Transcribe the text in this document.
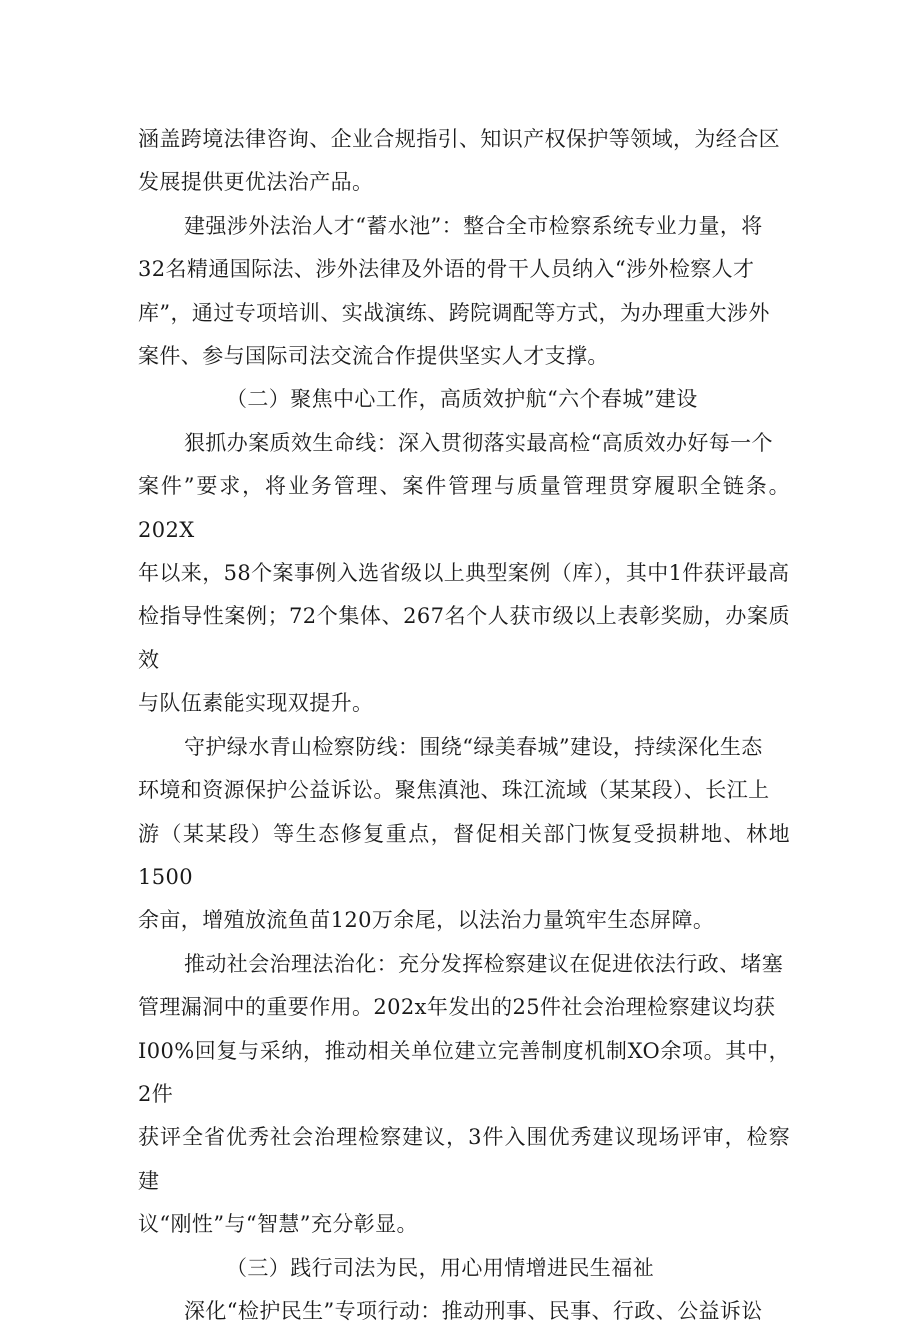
涵盖跨境法律咨询、企业合规指引、知识产权保护等领域，为经合区
发展提供更优法治产品。

建强涉外法治人才“蓄水池”：整合全市检察系统专业力量，将
32名精通国际法、涉外法律及外语的骨干人员纳入“涉外检察人才
库”，通过专项培训、实战演练、跨院调配等方式，为办理重大涉外
案件、参与国际司法交流合作提供坚实人才支撑。

（二）聚焦中心工作，高质效护航“六个春城”建设

狠抓办案质效生命线：深入贯彻落实最高检“高质效办好每一个
案件”要求，将业务管理、案件管理与质量管理贯穿履职全链条。202X
年以来，58个案事例入选省级以上典型案例（库），其中1件获评最高
检指导性案例；72个集体、267名个人获市级以上表彰奖励，办案质效
与队伍素能实现双提升。

守护绿水青山检察防线：围绕“绿美春城”建设，持续深化生态
环境和资源保护公益诉讼。聚焦滇池、珠江流域（某某段）、长江上
游（某某段）等生态修复重点，督促相关部门恢复受损耕地、林地1500
余亩，增殖放流鱼苗120万余尾，以法治力量筑牢生态屏障。

推动社会治理法治化：充分发挥检察建议在促进依法行政、堵塞
管理漏洞中的重要作用。202x年发出的25件社会治理检察建议均获
I00%回复与采纳，推动相关单位建立完善制度机制XO余项。其中，2件
获评全省优秀社会治理检察建议，3件入围优秀建议现场评审，检察建
议“刚性”与“智慧”充分彰显。

（三）践行司法为民，用心用情增进民生福祉

深化“检护民生”专项行动：推动刑事、民事、行政、公益诉讼
